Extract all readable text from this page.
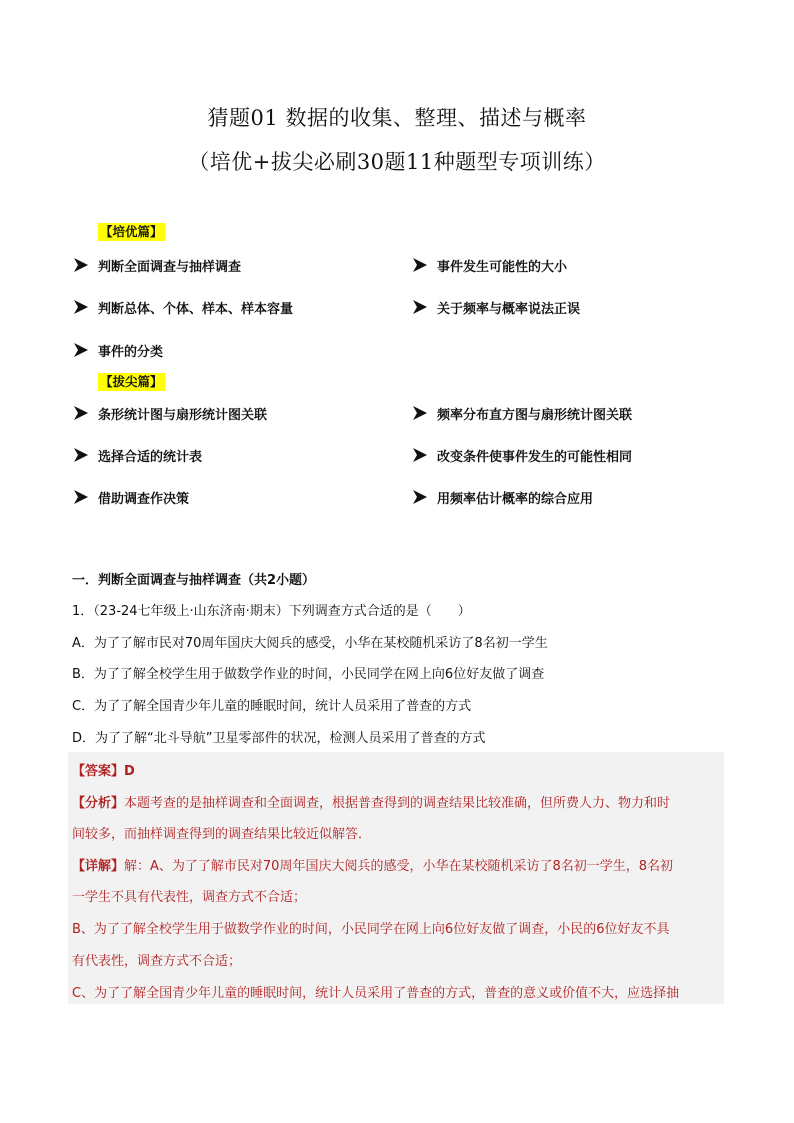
猜题01 数据的收集、整理、描述与概率
（培优+拔尖必刷30题11种题型专项训练）
【培优篇】
判断全面调查与抽样调查	事件发生可能性的大小
判断总体、个体、样本、样本容量	关于频率与概率说法正误
事件的分类
【拔尖篇】
条形统计图与扇形统计图关联	频率分布直方图与扇形统计图关联
选择合适的统计表	改变条件使事件发生的可能性相同
借助调查作决策	用频率估计概率的综合应用
一．判断全面调查与抽样调查（共2小题）
1．（23-24七年级上·山东济南·期末）下列调查方式合适的是（　　）
A．为了了解市民对70周年国庆大阅兵的感受，小华在某校随机采访了8名初一学生
B．为了了解全校学生用于做数学作业的时间，小民同学在网上向6位好友做了调查
C．为了了解全国青少年儿童的睡眠时间，统计人员采用了普查的方式
D．为了了解“北斗导航”卫星零部件的状况，检测人员采用了普查的方式
【答案】D
【分析】本题考查的是抽样调查和全面调查，根据普查得到的调查结果比较准确，但所费人力、物力和时
间较多，而抽样调查得到的调查结果比较近似解答．
【详解】解：A、为了了解市民对70周年国庆大阅兵的感受，小华在某校随机采访了8名初一学生，8名初
一学生不具有代表性，调查方式不合适；
B、为了了解全校学生用于做数学作业的时间，小民同学在网上向6位好友做了调查，小民的6位好友不具
有代表性，调查方式不合适；
C、为了了解全国青少年儿童的睡眠时间，统计人员采用了普查的方式，普查的意义或价值不大，应选择抽
